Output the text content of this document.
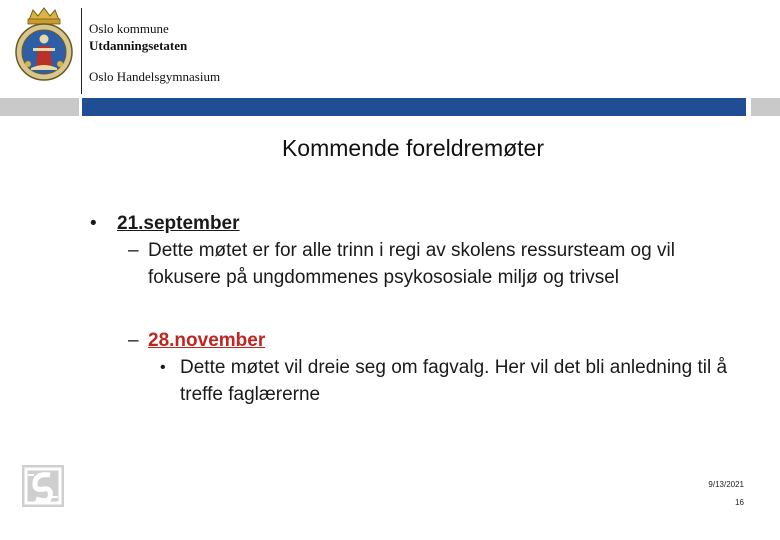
Oslo kommune
Utdanningsetaten
Oslo Handelsgymnasium
Kommende foreldremøter
• 21.september
– Dette møtet er for alle trinn i regi av skolens ressursteam og vil fokusere på ungdommenes psykososiale miljø og trivsel
– 28.november
• Dette møtet vil dreie seg om fagvalg. Her vil det bli anledning til å treffe faglærerne
9/13/2021
16
